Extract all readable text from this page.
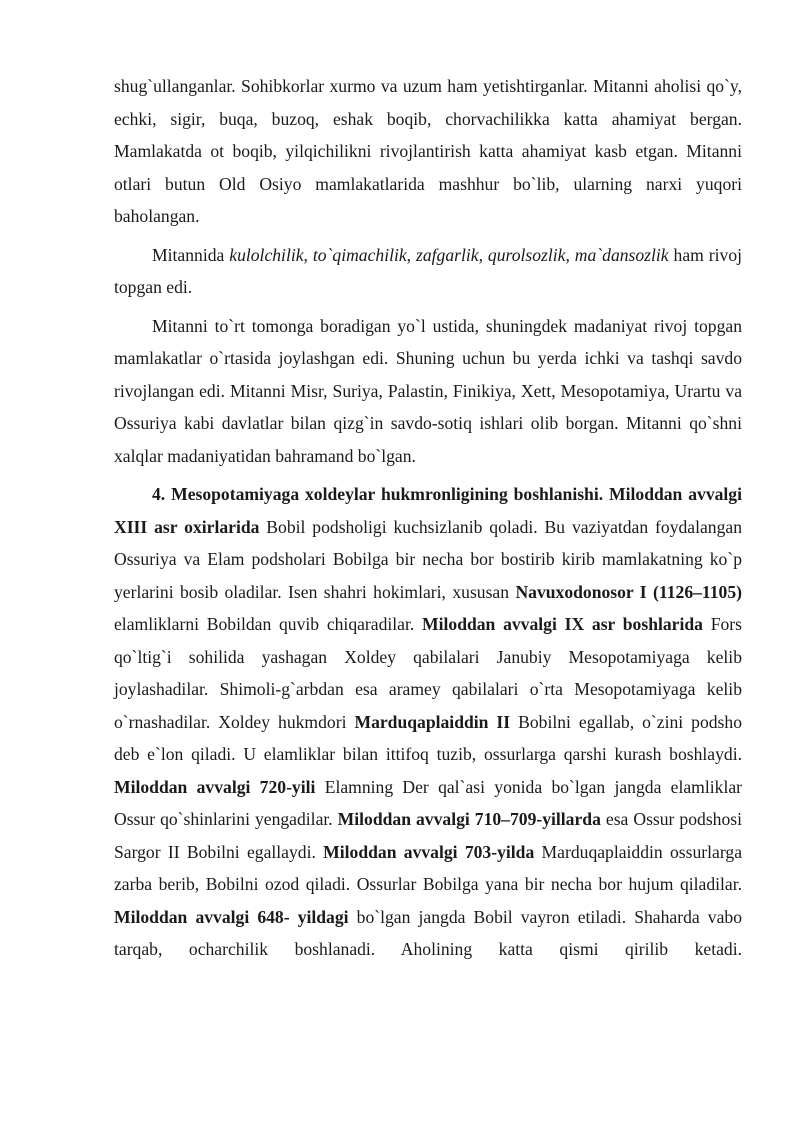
shug`ullanganlar. Sohibkorlar xurmo va uzum ham yetishtirganlar. Mitanni aholisi qo`y, echki, sigir, buqa, buzoq, eshak boqib, chorvachilikka katta ahamiyat bergan. Mamlakatda ot boqib, yilqichilikni rivojlantirish katta ahamiyat kasb etgan. Mitanni otlari butun Old Osiyo mamlakatlarida mashhur bo`lib, ularning narxi yuqori baholangan.

Mitannida kulolchilik, to`qimachilik, zafgarlik, qurolsozlik, ma`dansozlik ham rivoj topgan edi.

Mitanni to`rt tomonga boradigan yo`l ustida, shuningdek madaniyat rivoj topgan mamlakatlar o`rtasida joylashgan edi. Shuning uchun bu yerda ichki va tashqi savdo rivojlangan edi. Mitanni Misr, Suriya, Palastin, Finikiya, Xett, Mesopotamiya, Urartu va Ossuriya kabi davlatlar bilan qizg`in savdo-sotiq ishlari olib borgan. Mitanni qo`shni xalqlar madaniyatidan bahramand bo`lgan.

4. Mesopotamiyaga xoldeylar hukmronligining boshlanishi. Miloddan avvalgi XIII asr oxirlarida Bobil podsholigi kuchsizlanib qoladi. Bu vaziyatdan foydalangan Ossuriya va Elam podsholari Bobilga bir necha bor bostirib kirib mamlakatning ko`p yerlarini bosib oladilar. Isen shahri hokimlari, xususan Navuxodonosor I (1126–1105) elamliklarni Bobildan quvib chiqaradilar. Miloddan avvalgi IX asr boshlarida Fors qo`ltig`i sohilida yashagan Xoldey qabilalari Janubiy Mesopotamiyaga kelib joylashadilar. Shimoli-g`arbdan esa aramey qabilalari o`rta Mesopotamiyaga kelib o`rnashadilar. Xoldey hukmdori Marduqaplaiddin II Bobilni egallab, o`zini podsho deb e`lon qiladi. U elamliklar bilan ittifoq tuzib, ossurlarga qarshi kurash boshlaydi. Miloddan avvalgi 720-yili Elamning Der qal`asi yonida bo`lgan jangda elamliklar Ossur qo`shinlarini yengadilar. Miloddan avvalgi 710–709-yillarda esa Ossur podshosi Sargor II Bobilni egallaydi. Miloddan avvalgi 703-yilda Marduqaplaiddin ossurlarga zarba berib, Bobilni ozod qiladi. Ossurlar Bobilga yana bir necha bor hujum qiladilar. Miloddan avvalgi 648- yildagi bo`lgan jangda Bobil vayron etiladi. Shaharda vabo tarqab, ocharchilik boshlanadi. Aholining katta qismi qirilib ketadi.
